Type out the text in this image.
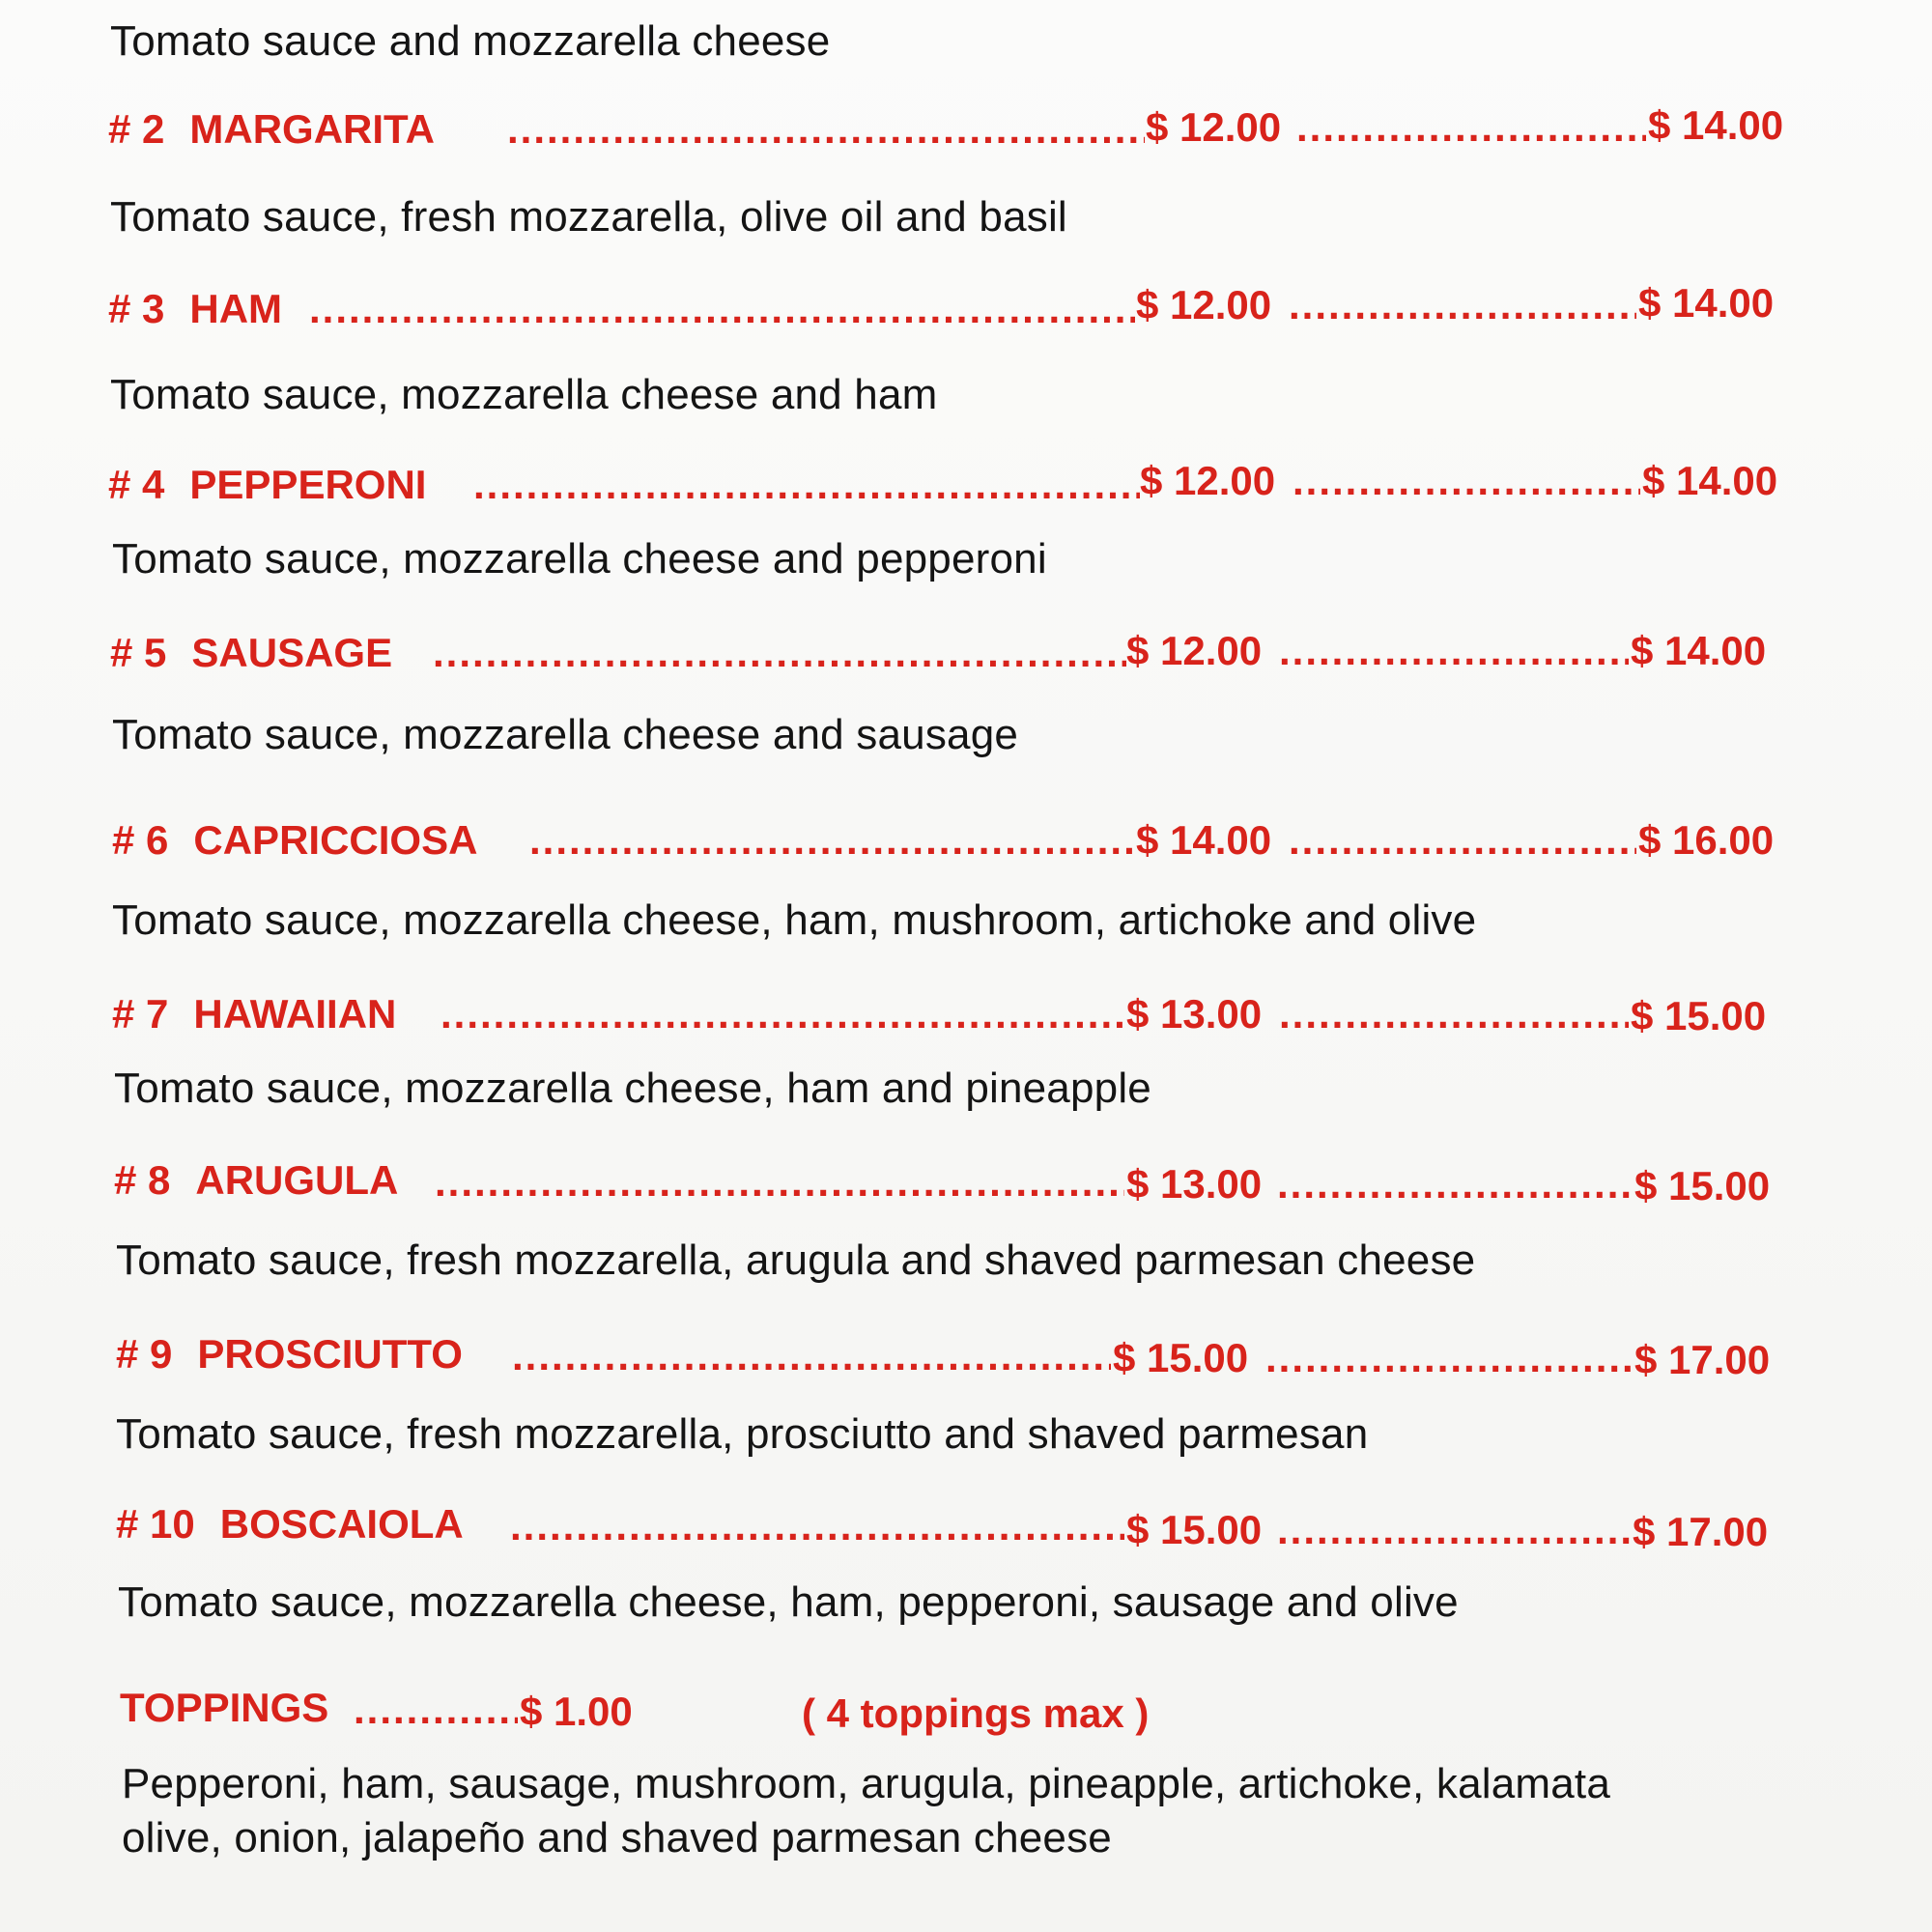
Tomato sauce and mozzarella cheese
# 2 MARGARITA .....	$ 12.00 .....	$ 14.00
Tomato sauce, fresh mozzarella, olive oil and basil
# 3 HAM .....	$ 12.00 .....	$ 14.00
Tomato sauce, mozzarella cheese and ham
# 4 PEPPERONI .....	$ 12.00 .....	$ 14.00
Tomato sauce, mozzarella cheese and pepperoni
# 5 SAUSAGE .....	$ 12.00 .....	$ 14.00
Tomato sauce, mozzarella cheese and sausage
# 6 CAPRICCIOSA .....	$ 14.00 .....	$ 16.00
Tomato sauce, mozzarella cheese, ham, mushroom, artichoke and olive
# 7 HAWAIIAN .....	$ 13.00 .....	$ 15.00
Tomato sauce, mozzarella cheese, ham and pineapple
# 8 ARUGULA .....	$ 13.00 .....	$ 15.00
Tomato sauce, fresh mozzarella, arugula and shaved parmesan cheese
# 9 PROSCIUTTO .....	$ 15.00 .....	$ 17.00
Tomato sauce, fresh mozzarella, prosciutto and shaved parmesan
# 10 BOSCAIOLA .....	$ 15.00 .....	$ 17.00
Tomato sauce, mozzarella cheese, ham, pepperoni, sausage and olive
TOPPINGS .....	$ 1.00	( 4 toppings max )
Pepperoni, ham, sausage, mushroom, arugula, pineapple, artichoke, kalamata
olive, onion, jalapeño and shaved parmesan cheese
